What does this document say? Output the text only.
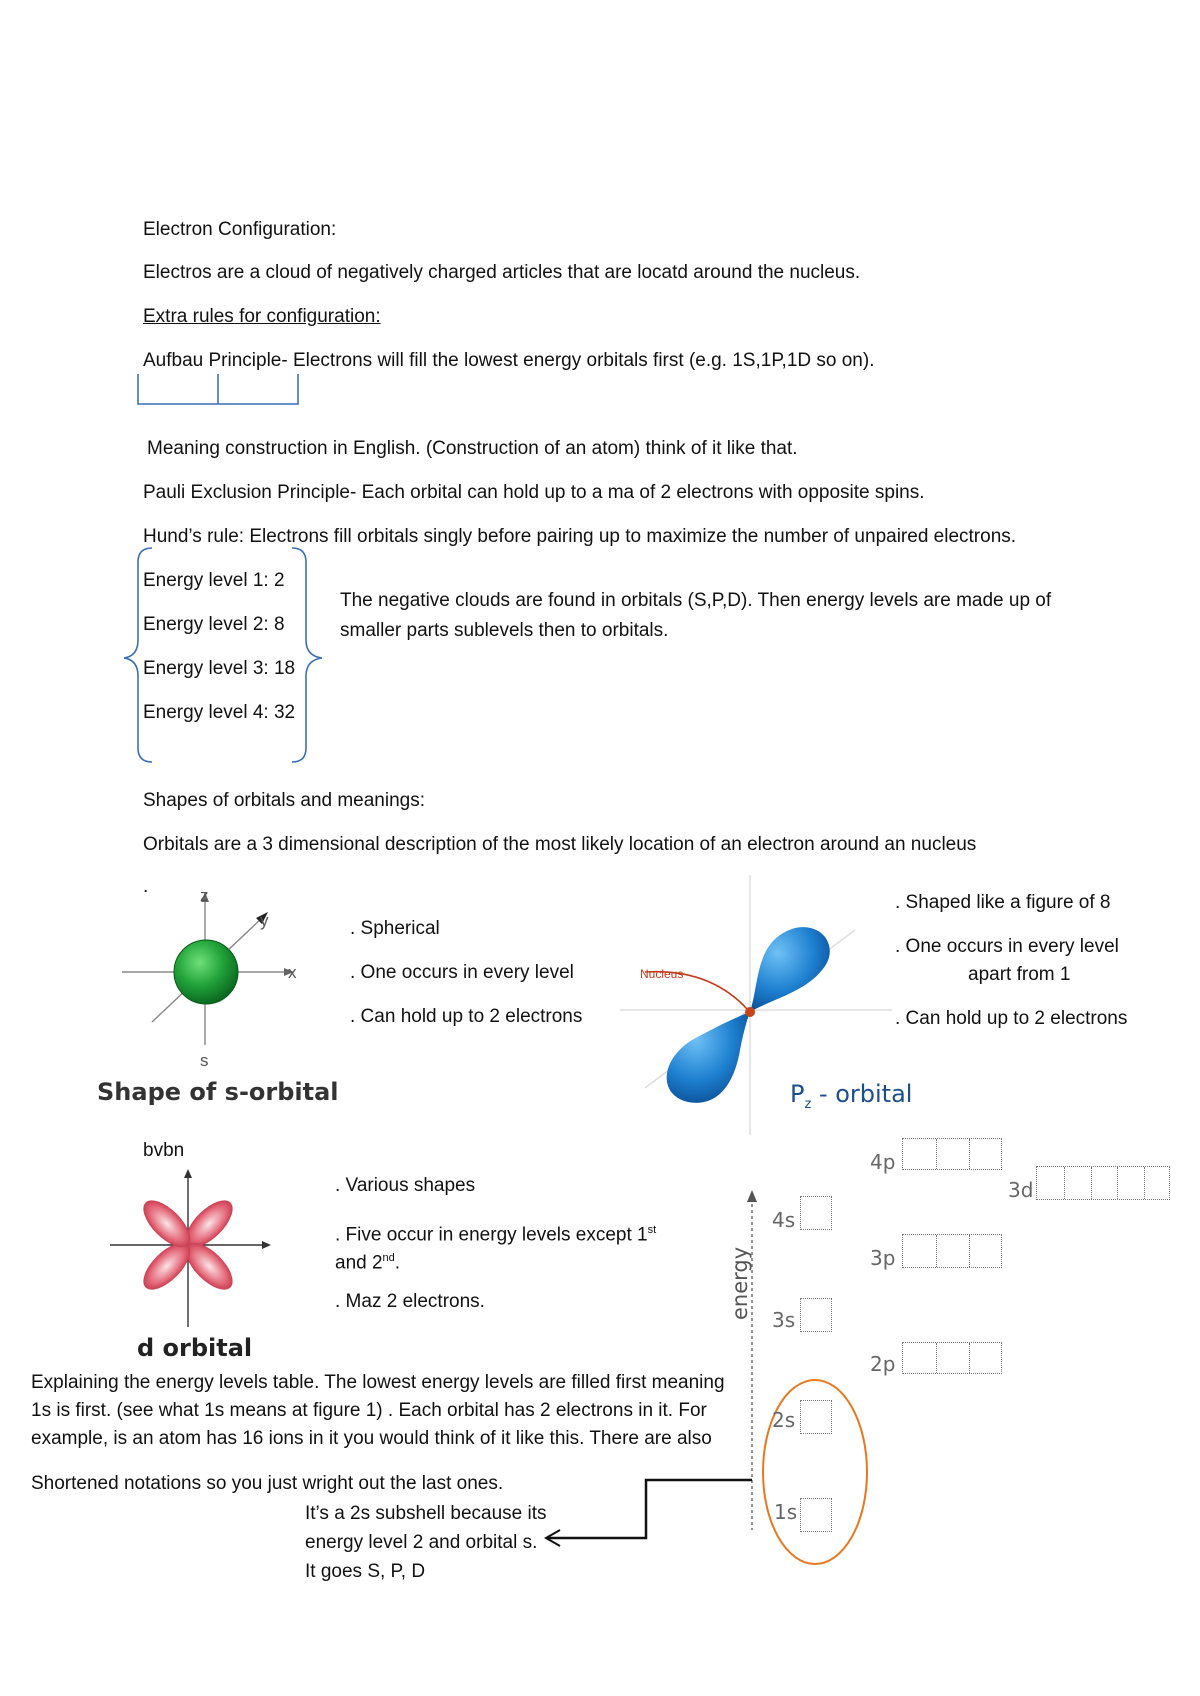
Electron Configuration:
Electros are a cloud of negatively charged articles that are locatd around the nucleus.
Extra rules for configuration:
Aufbau Principle- Electrons will fill the lowest energy orbitals first (e.g. 1S,1P,1D so on).
Meaning construction in English. (Construction of an atom) think of it like that.
Pauli Exclusion Principle- Each orbital can hold up to a ma of 2 electrons with opposite spins.
Hund’s rule: Electrons fill orbitals singly before pairing up to maximize the number of unpaired electrons.
Energy level 1: 2
Energy level 2: 8
Energy level 3: 18
Energy level 4: 32
The negative clouds are found in orbitals (S,P,D). Then energy levels are made up of
smaller parts sublevels then to orbitals.
Shapes of orbitals and meanings:
Orbitals are a 3 dimensional description of the most likely location of an electron around an nucleus
.	z
y
x
s
Shape of s-orbital
. Spherical
. One occurs in every level
. Can hold up to 2 electrons
Nucleus
$P_z$ - orbital
. Shaped like a figure of 8
. One occurs in every level
apart from 1
. Can hold up to 2 electrons
bvbn
d orbital
. Various shapes
. Five occur in energy levels except 1st
and 2nd.
. Maz 2 electrons.
Explaining the energy levels table. The lowest energy levels are filled first meaning
1s is first. (see what 1s means at figure 1) . Each orbital has 2 electrons in it. For
example, is an atom has 16 ions in it you would think of it like this. There are also
Shortened notations so you just wright out the last ones.
It’s a 2s subshell because its
energy level 2 and orbital s.
It goes S, P, D
energy
1s
2s
3s
4s
2p
3p
4p
3d
